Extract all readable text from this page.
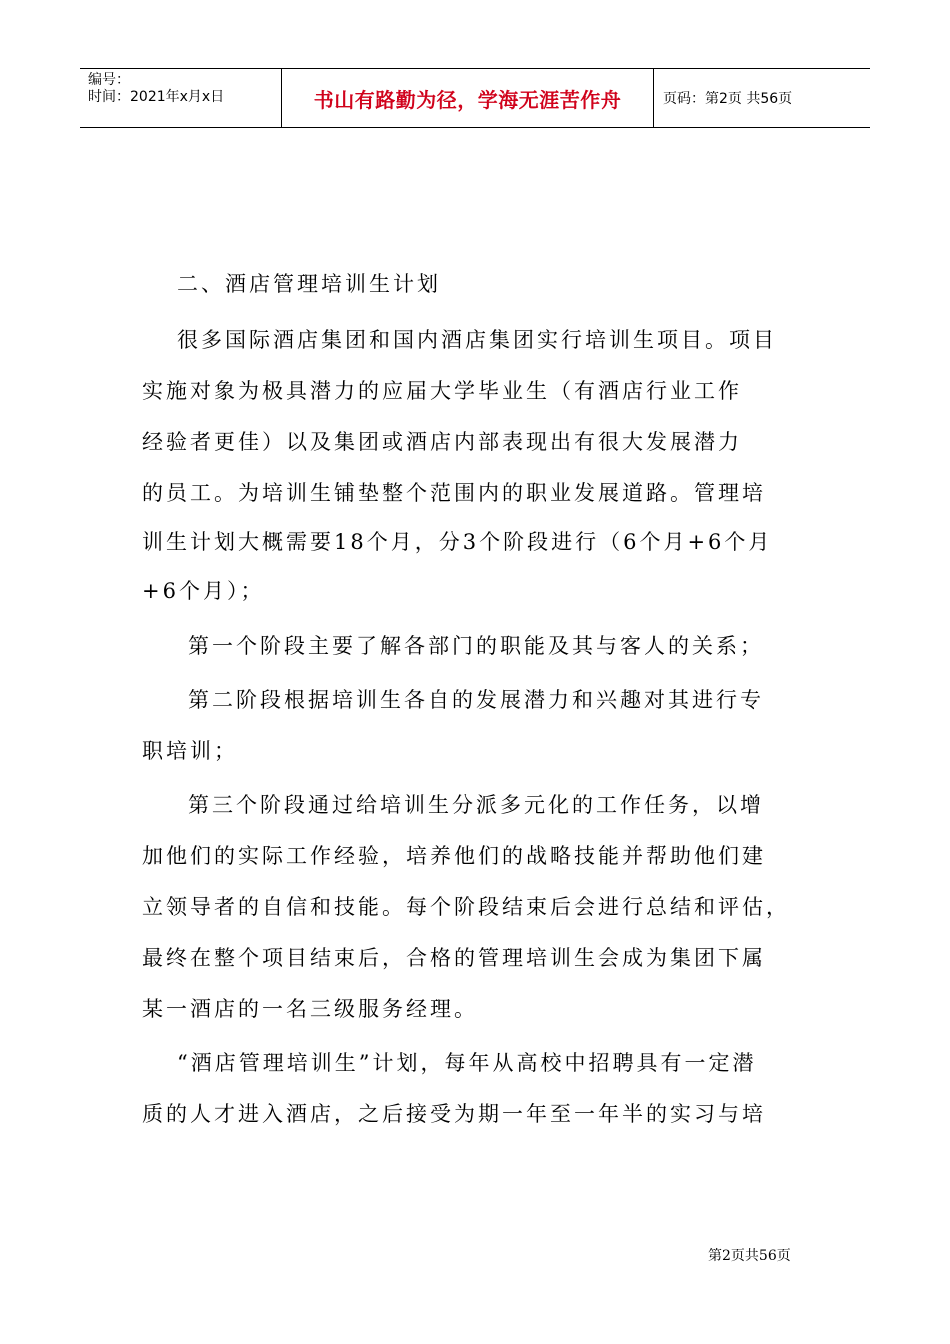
编号：
时间：2021年x月x日	书山有路勤为径，学海无涯苦作舟	页码：第2页 共56页
二、酒店管理培训生计划
很多国际酒店集团和国内酒店集团实行培训生项目。项目
实施对象为极具潜力的应届大学毕业生（有酒店行业工作
经验者更佳）以及集团或酒店内部表现出有很大发展潜力
的员工。为培训生铺垫整个范围内的职业发展道路。管理培
训生计划大概需要18个月，分3个阶段进行（6个月+6个月
+6个月）；
第一个阶段主要了解各部门的职能及其与客人的关系；
第二阶段根据培训生各自的发展潜力和兴趣对其进行专
职培训；
第三个阶段通过给培训生分派多元化的工作任务，以增
加他们的实际工作经验，培养他们的战略技能并帮助他们建
立领导者的自信和技能。每个阶段结束后会进行总结和评估，
最终在整个项目结束后，合格的管理培训生会成为集团下属
某一酒店的一名三级服务经理。
“酒店管理培训生”计划，每年从高校中招聘具有一定潜
质的人才进入酒店，之后接受为期一年至一年半的实习与培
第2页共56页
